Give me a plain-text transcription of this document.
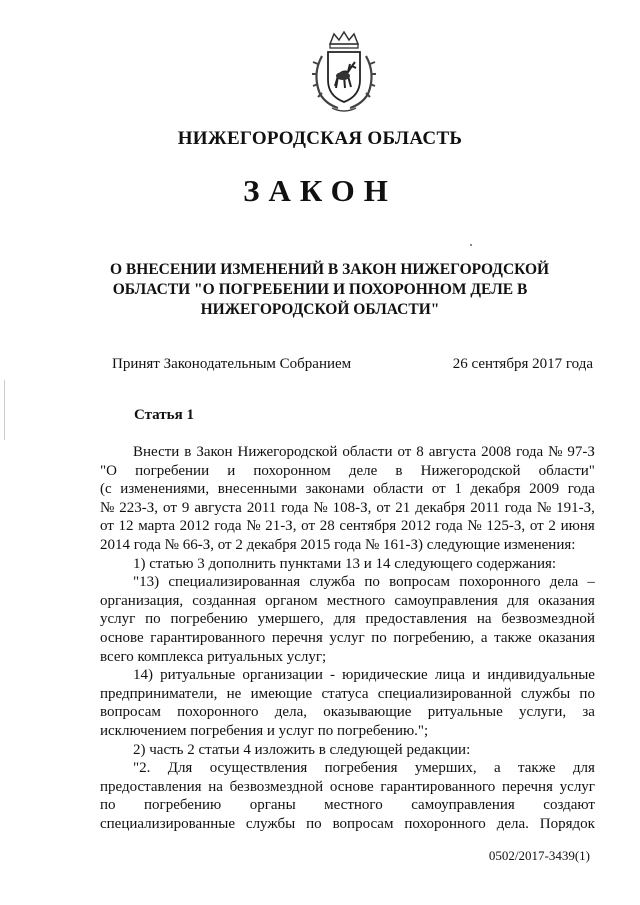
НИЖЕГОРОДСКАЯ ОБЛАСТЬ
ЗАКОН
О ВНЕСЕНИИ ИЗМЕНЕНИЙ В ЗАКОН НИЖЕГОРОДСКОЙ
ОБЛАСТИ "О ПОГРЕБЕНИИ И ПОХОРОННОМ ДЕЛЕ В
НИЖЕГОРОДСКОЙ ОБЛАСТИ"
Принят Законодательным Собранием	26 сентября 2017 года
Статья 1
Внести в Закон Нижегородской области от 8 августа 2008 года № 97-З
"О погребении и похоронном деле в Нижегородской области"
(с изменениями, внесенными законами области от 1 декабря 2009 года
№ 223-З, от 9 августа 2011 года № 108-З, от 21 декабря 2011 года № 191-З,
от 12 марта 2012 года № 21-З, от 28 сентября 2012 года № 125-З, от 2 июня
2014 года № 66-З, от 2 декабря 2015 года № 161-З) следующие изменения:
1) статью 3 дополнить пунктами 13 и 14 следующего содержания:
"13) специализированная служба по вопросам похоронного дела –
организация, созданная органом местного самоуправления для оказания
услуг по погребению умершего, для предоставления на безвозмездной
основе гарантированного перечня услуг по погребению, а также оказания
всего комплекса ритуальных услуг;
14) ритуальные организации - юридические лица и индивидуальные
предприниматели, не имеющие статуса специализированной службы по
вопросам похоронного дела, оказывающие ритуальные услуги, за
исключением погребения и услуг по погребению.";
2) часть 2 статьи 4 изложить в следующей редакции:
"2. Для осуществления погребения умерших, а также для
предоставления на безвозмездной основе гарантированного перечня услуг
по погребению органы местного самоуправления создают
специализированные службы по вопросам похоронного дела. Порядок
0502/2017-3439(1)
